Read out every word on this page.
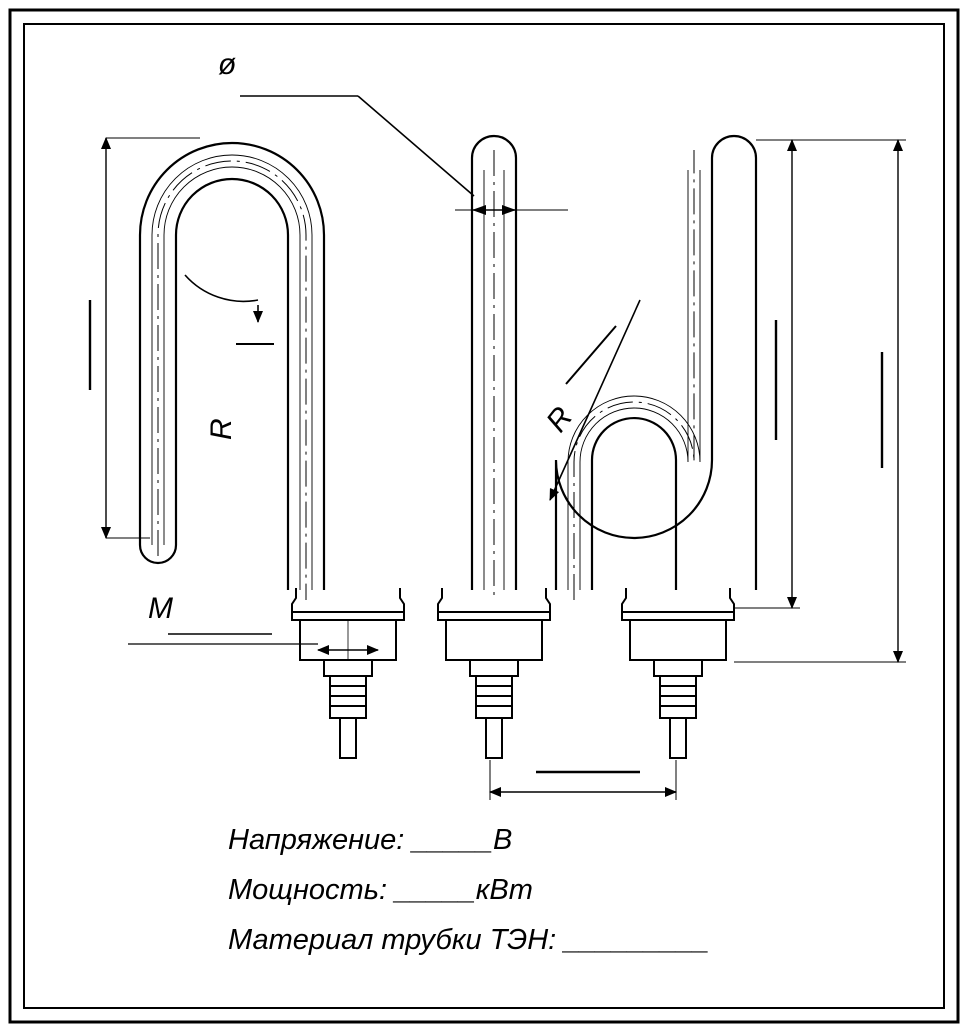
ø
R	R
M
Напряжение: _____В
Мощность: _____кВт
Материал трубки ТЭН: _________
